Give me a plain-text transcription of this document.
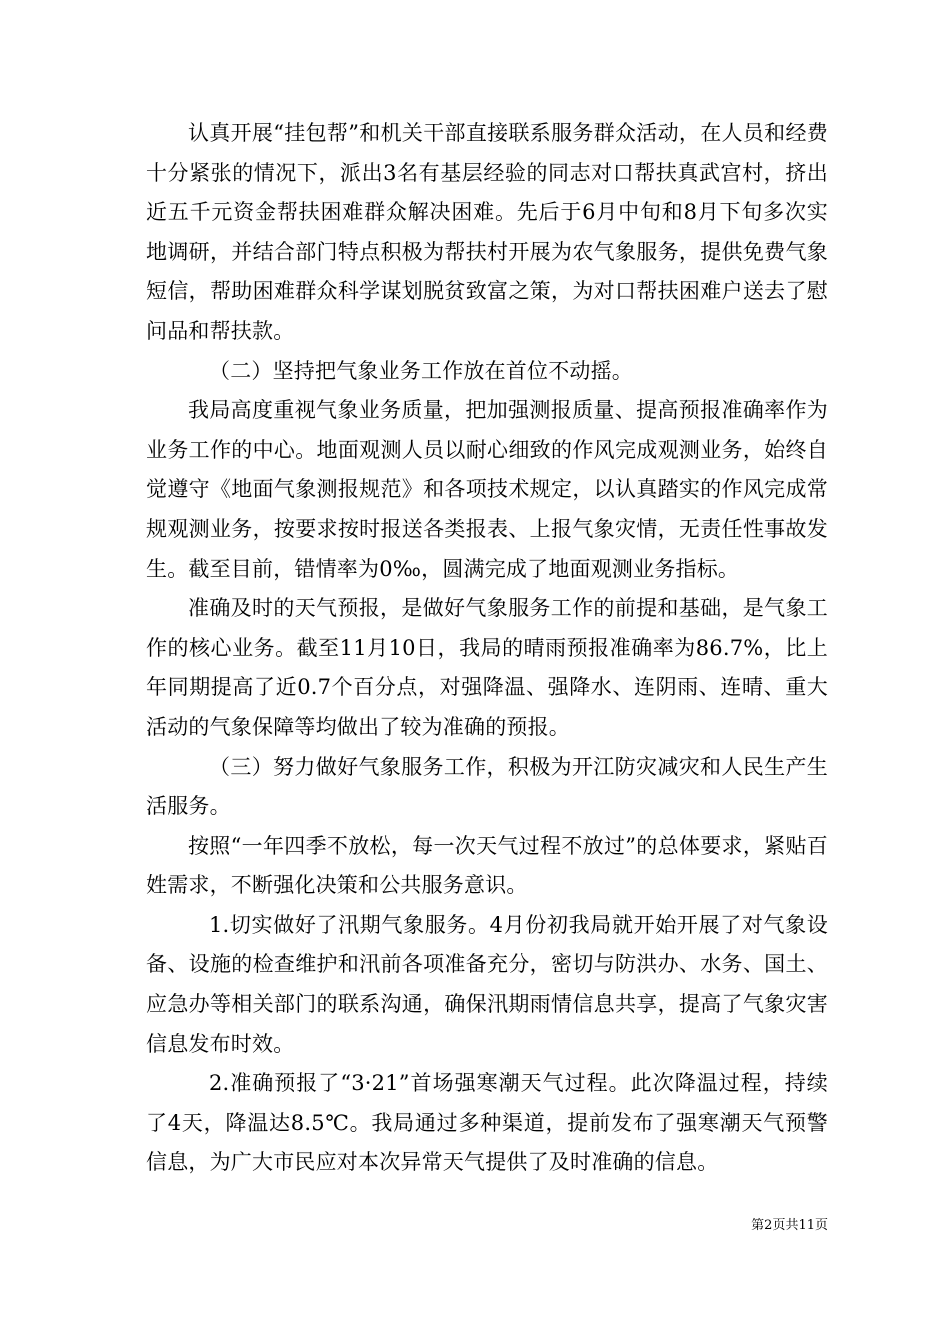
认真开展“挂包帮”和机关干部直接联系服务群众活动，在人员和经费十分紧张的情况下，派出3名有基层经验的同志对口帮扶真武宫村，挤出近五千元资金帮扶困难群众解决困难。先后于6月中旬和8月下旬多次实地调研，并结合部门特点积极为帮扶村开展为农气象服务，提供免费气象短信，帮助困难群众科学谋划脱贫致富之策，为对口帮扶困难户送去了慰问品和帮扶款。

（二）坚持把气象业务工作放在首位不动摇。

我局高度重视气象业务质量，把加强测报质量、提高预报准确率作为业务工作的中心。地面观测人员以耐心细致的作风完成观测业务，始终自觉遵守《地面气象测报规范》和各项技术规定，以认真踏实的作风完成常规观测业务，按要求按时报送各类报表、上报气象灾情，无责任性事故发生。截至目前，错情率为0‰，圆满完成了地面观测业务指标。

准确及时的天气预报，是做好气象服务工作的前提和基础，是气象工作的核心业务。截至11月10日，我局的晴雨预报准确率为86.7%，比上年同期提高了近0.7个百分点，对强降温、强降水、连阴雨、连晴、重大活动的气象保障等均做出了较为准确的预报。

（三）努力做好气象服务工作，积极为开江防灾减灾和人民生产生活服务。

按照“一年四季不放松，每一次天气过程不放过”的总体要求，紧贴百姓需求，不断强化决策和公共服务意识。

1.切实做好了汛期气象服务。4月份初我局就开始开展了对气象设备、设施的检查维护和汛前各项准备充分，密切与防洪办、水务、国土、应急办等相关部门的联系沟通，确保汛期雨情信息共享，提高了气象灾害信息发布时效。

2.准确预报了“3·21”首场强寒潮天气过程。此次降温过程，持续了4天，降温达8.5℃。我局通过多种渠道，提前发布了强寒潮天气预警信息，为广大市民应对本次异常天气提供了及时准确的信息。

第2页共11页
